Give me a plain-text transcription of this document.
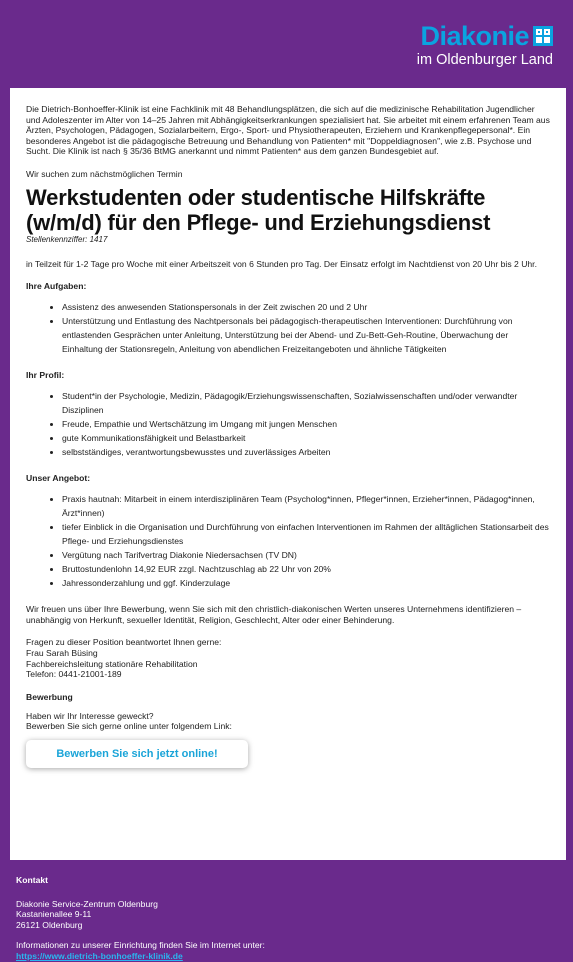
Diakonie
im Oldenburger Land

Die Dietrich-Bonhoeffer-Klinik ist eine Fachklinik mit 48 Behandlungsplätzen, die sich auf die medizinische Rehabilitation Jugendlicher und Adoleszenter im Alter von 14–25 Jahren mit Abhängigkeitserkrankungen spezialisiert hat. Sie arbeitet mit einem erfahrenen Team aus Ärzten, Psychologen, Pädagogen, Sozialarbeitern, Ergo-, Sport- und Physiotherapeuten, Erziehern und Krankenpflegepersonal*. Ein besonderes Angebot ist die pädagogische Betreuung und Behandlung von Patienten* mit "Doppeldiagnosen", wie z.B. Psychose und Sucht. Die Klinik ist nach § 35/36 BtMG anerkannt und nimmt Patienten* aus dem ganzen Bundesgebiet auf.

Wir suchen zum nächstmöglichen Termin

Werkstudenten oder studentische Hilfskräfte (w/m/d) für den Pflege- und Erziehungsdienst

Stellenkennziffer: 1417

in Teilzeit für 1-2 Tage pro Woche mit einer Arbeitszeit von 6 Stunden pro Tag. Der Einsatz erfolgt im Nachtdienst von 20 Uhr bis 2 Uhr.

Ihre Aufgaben:

• Assistenz des anwesenden Stationspersonals in der Zeit zwischen 20 und 2 Uhr
• Unterstützung und Entlastung des Nachtpersonals bei pädagogisch-therapeutischen Interventionen: Durchführung von entlastenden Gesprächen unter Anleitung, Unterstützung bei der Abend- und Zu-Bett-Geh-Routine, Überwachung der Einhaltung der Stationsregeln, Anleitung von abendlichen Freizeitangeboten und ähnliche Tätigkeiten

Ihr Profil:

• Student*in der Psychologie, Medizin, Pädagogik/Erziehungswissenschaften, Sozialwissenschaften und/oder verwandter Disziplinen
• Freude, Empathie und Wertschätzung im Umgang mit jungen Menschen
• gute Kommunikationsfähigkeit und Belastbarkeit
• selbstständiges, verantwortungsbewusstes und zuverlässiges Arbeiten

Unser Angebot:

• Praxis hautnah: Mitarbeit in einem interdisziplinären Team (Psycholog*innen, Pfleger*innen, Erzieher*innen, Pädagog*innen, Ärzt*innen)
• tiefer Einblick in die Organisation und Durchführung von einfachen Interventionen im Rahmen der alltäglichen Stationsarbeit des Pflege- und Erziehungsdienstes
• Vergütung nach Tarifvertrag Diakonie Niedersachsen (TV DN)
• Bruttostundenlohn 14,92 EUR zzgl. Nachtzuschlag ab 22 Uhr von 20%
• Jahressonderzahlung und ggf. Kinderzulage

Wir freuen uns über Ihre Bewerbung, wenn Sie sich mit den christlich-diakonischen Werten unseres Unternehmens identifizieren – unabhängig von Herkunft, sexueller Identität, Religion, Geschlecht, Alter oder einer Behinderung.

Fragen zu dieser Position beantwortet Ihnen gerne:
Frau Sarah Büsing
Fachbereichsleitung stationäre Rehabilitation
Telefon: 0441-21001-189

Bewerbung

Haben wir Ihr Interesse geweckt?
Bewerben Sie sich gerne online unter folgendem Link:
Bewerben Sie sich jetzt online!
Kontakt
Diakonie Service-Zentrum Oldenburg
Kastanienallee 9-11
26121 Oldenburg
Informationen zu unserer Einrichtung finden Sie im Internet unter:
https://www.dietrich-bonhoeffer-klinik.de
